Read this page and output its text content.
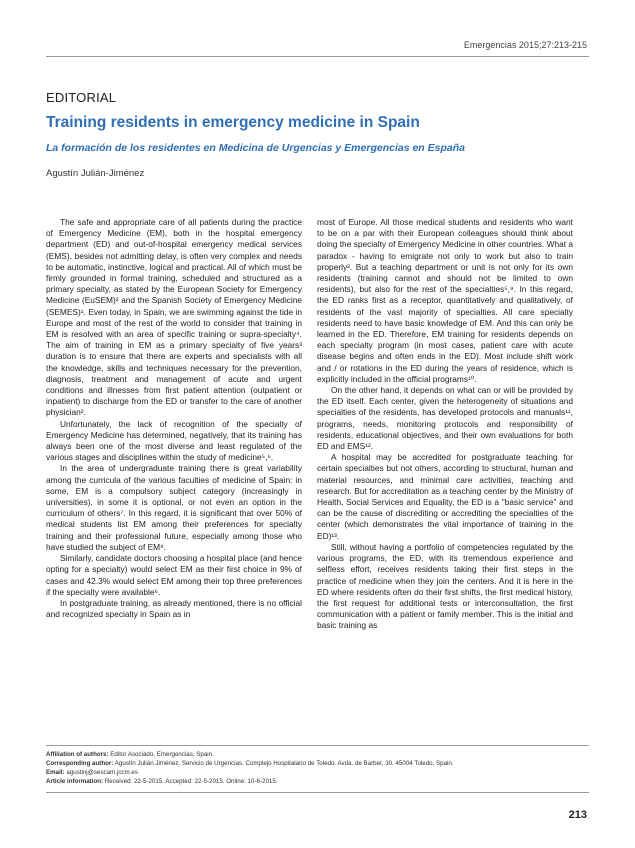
Emergencias 2015;27:213-215
EDITORIAL
Training residents in emergency medicine in Spain
La formación de los residentes en Medicina de Urgencias y Emergencias en España
Agustín Julián-Jiménez

The safe and appropriate care of all patients during the practice of Emergency Medicine (EM), both in the hospital emergency department (ED) and out-of-hospital emergency medical services (EMS), besides not admitting delay, is often very complex and needs to be automatic, instinctive, logical and practical. All of which must be firmly grounded in formal training, scheduled and structured as a primary specialty, as stated by the European Society for Emergency Medicine (EuSEM)² and the Spanish Society of Emergency Medicine (SEMES)¹. Even today, in Spain, we are swimming against the tide in Europe and most of the rest of the world to consider that training in EM is resolved with an area of specific training or supra-specialty⁴. The aim of training in EM as a primary specialty of five years³ duration is to ensure that there are experts and specialists with all the knowledge, skills and techniques necessary for the prevention, diagnosis, treatment and management of acute and urgent conditions and illnesses from first patient attention (outpatient or inpatient) to discharge from the ED or transfer to the care of another physician².

Unfortunately, the lack of recognition of the specialty of Emergency Medicine has determined, negatively, that its training has always been one of the most diverse and least regulated of the various stages and disciplines within the study of medicine⁵,⁶.

In the area of undergraduate training there is great variability among the curricula of the various faculties of medicine of Spain: in some, EM is a compulsory subject category (increasingly in universities), in some it is optional, or not even an option in the curriculum of others⁷. In this regard, it is significant that over 50% of medical students list EM among their preferences for specialty training and their professional future, especially among those who have studied the subject of EM⁸.

Similarly, candidate doctors choosing a hospital place (and hence opting for a specialty) would select EM as their first choice in 9% of cases and 42.3% would select EM among their top three preferences if the specialty were available⁶.

In postgraduate training, as already mentioned, there is no official and recognized specialty in Spain as in

most of Europe. All those medical students and residents who want to be on a par with their European colleagues should think about doing the specialty of Emergency Medicine in other countries. What a paradox - having to emigrate not only to work but also to train properly². But a teaching department or unit is not only for its own residents (training cannot and should not be limited to own residents), but also for the rest of the specialties⁵,⁹. In this regard, the ED ranks first as a receptor, quantitatively and qualitatively, of residents of the vast majority of specialties. All care specialty residents need to have basic knowledge of EM. And this can only be learned in the ED. Therefore, EM training for residents depends on each specialty program (in most cases, patient care with acute disease begins and often ends in the ED). Most include shift work and / or rotations in the ED during the years of residence, which is explicitly included in the official programs¹⁰.

On the other hand, it depends on what can or will be provided by the ED itself. Each center, given the heterogeneity of situations and specialties of the residents, has developed protocols and manuals¹¹, programs, needs, monitoring protocols and responsibility of residents, educational objectives, and their own evaluations for both ED and EMS¹².

A hospital may be accredited for postgraduate teaching for certain specialties but not others, according to structural, human and material resources, and minimal care activities, teaching and research. But for accreditation as a teaching center by the Ministry of Health, Social Services and Equality, the ED is a "basic service" and can be the cause of discrediting or accrediting the specialties of the center (which demonstrates the vital importance of training in the ED)¹³.

Still, without having a portfolio of competencies regulated by the various programs, the ED, with its tremendous experience and selfless effort, receives residents taking their first steps in the practice of medicine when they join the centers. And it is here in the ED where residents often do their first shifts, the first medical history, the first request for additional tests or interconsultation, the first communication with a patient or family member. This is the initial and basic training as

Affiliation of authors: Editor Asociado, Emergencias, Spain.
Corresponding author: Agustín Julián Jiménez. Servicio de Urgencias. Complejo Hospitalario de Toledo. Avda. de Barber, 30. 45004 Toledo, Spain.
Email: agustinj@sescam.jccm.es
Article information: Received: 22-5-2015. Accepted: 22-5-2015. Online: 10-6-2015.
213
